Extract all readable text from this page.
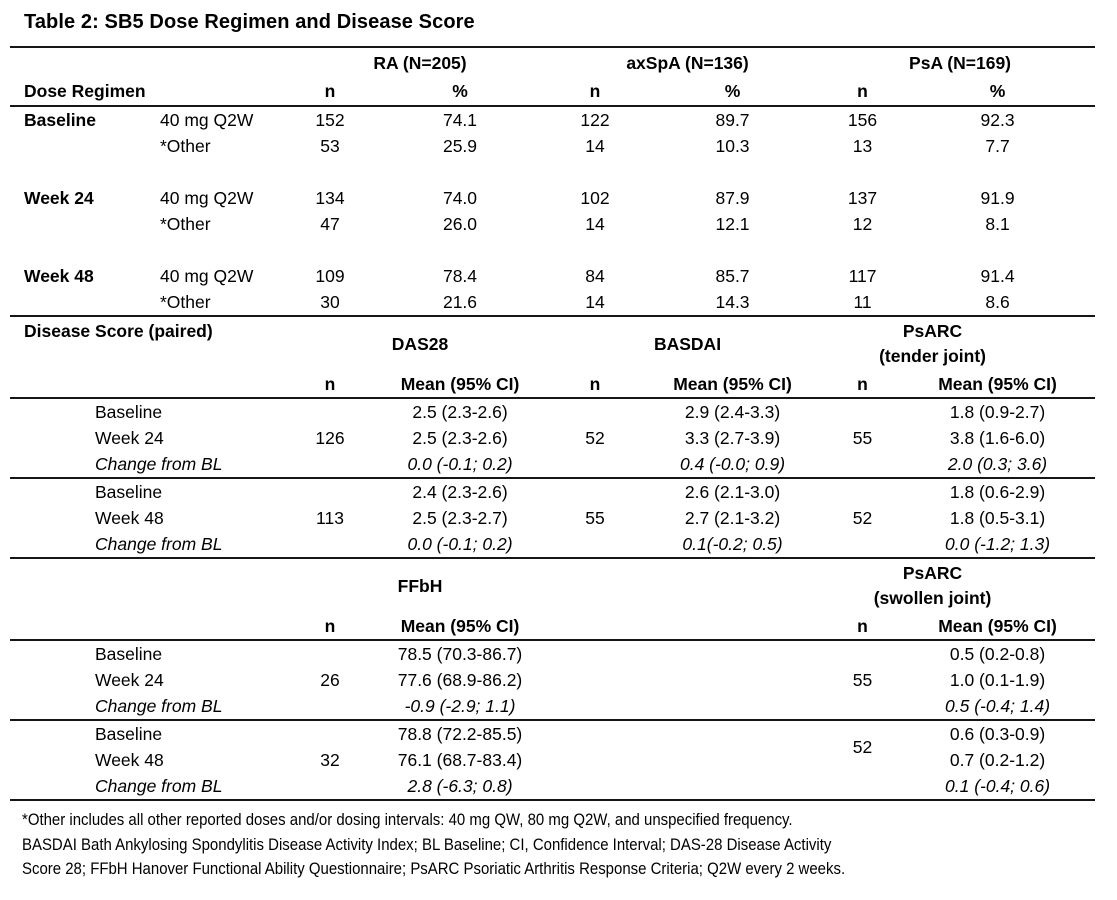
Table 2: SB5 Dose Regimen and Disease Score
		RA (N=205)		axSpA (N=136)		PsA (N=169)	
Dose Regimen		n	%	n	%	n	%
Baseline	40 mg Q2W	152	74.1	122	89.7	156	92.3
	*Other	53	25.9	14	10.3	13	7.7

Week 24	40 mg Q2W	134	74.0	102	87.9	137	91.9
	*Other	47	26.0	14	12.1	12	8.1

Week 48	40 mg Q2W	109	78.4	84	85.7	117	91.4
	*Other	30	21.6	14	14.3	11	8.6
Disease Score (paired)		DAS28		BASDAI		PsARC
(tender joint)	

		n	Mean (95% CI)	n	Mean (95% CI)	n	Mean (95% CI)
Baseline		126	2.5 (2.3-2.6)	52	2.9 (2.4-3.3)	55	1.8 (0.9-2.7)
Week 24			2.5 (2.3-2.6)		3.3 (2.7-3.9)		3.8 (1.6-6.0)
Change from BL			0.0 (-0.1; 0.2)		0.4 (-0.0; 0.9)		2.0 (0.3; 3.6)
Baseline		113	2.4 (2.3-2.6)	55	2.6 (2.1-3.0)	52	1.8 (0.6-2.9)
Week 48			2.5 (2.3-2.7)		2.7 (2.1-3.2)		1.8 (0.5-3.1)
Change from BL			0.0 (-0.1; 0.2)		0.1(-0.2; 0.5)		0.0 (-1.2; 1.3)
		FFbH				PsARC
(swollen joint)	

		n	Mean (95% CI)			n	Mean (95% CI)
Baseline		26	78.5 (70.3-86.7)			55	0.5 (0.2-0.8)
Week 24			77.6 (68.9-86.2)				1.0 (0.1-1.9)
Change from BL			-0.9 (-2.9; 1.1)				0.5 (-0.4; 1.4)
Baseline		32	78.8 (72.2-85.5)			52	0.6 (0.3-0.9)
Week 48			76.1 (68.7-83.4)				0.7 (0.2-1.2)
Change from BL			2.8 (-6.3; 0.8)				0.1 (-0.4; 0.6)
*Other includes all other reported doses and/or dosing intervals: 40 mg QW, 80 mg Q2W, and unspecified frequency.
BASDAI Bath Ankylosing Spondylitis Disease Activity Index; BL Baseline; CI, Confidence Interval; DAS-28 Disease Activity
Score 28; FFbH Hanover Functional Ability Questionnaire; PsARC Psoriatic Arthritis Response Criteria; Q2W every 2 weeks.
